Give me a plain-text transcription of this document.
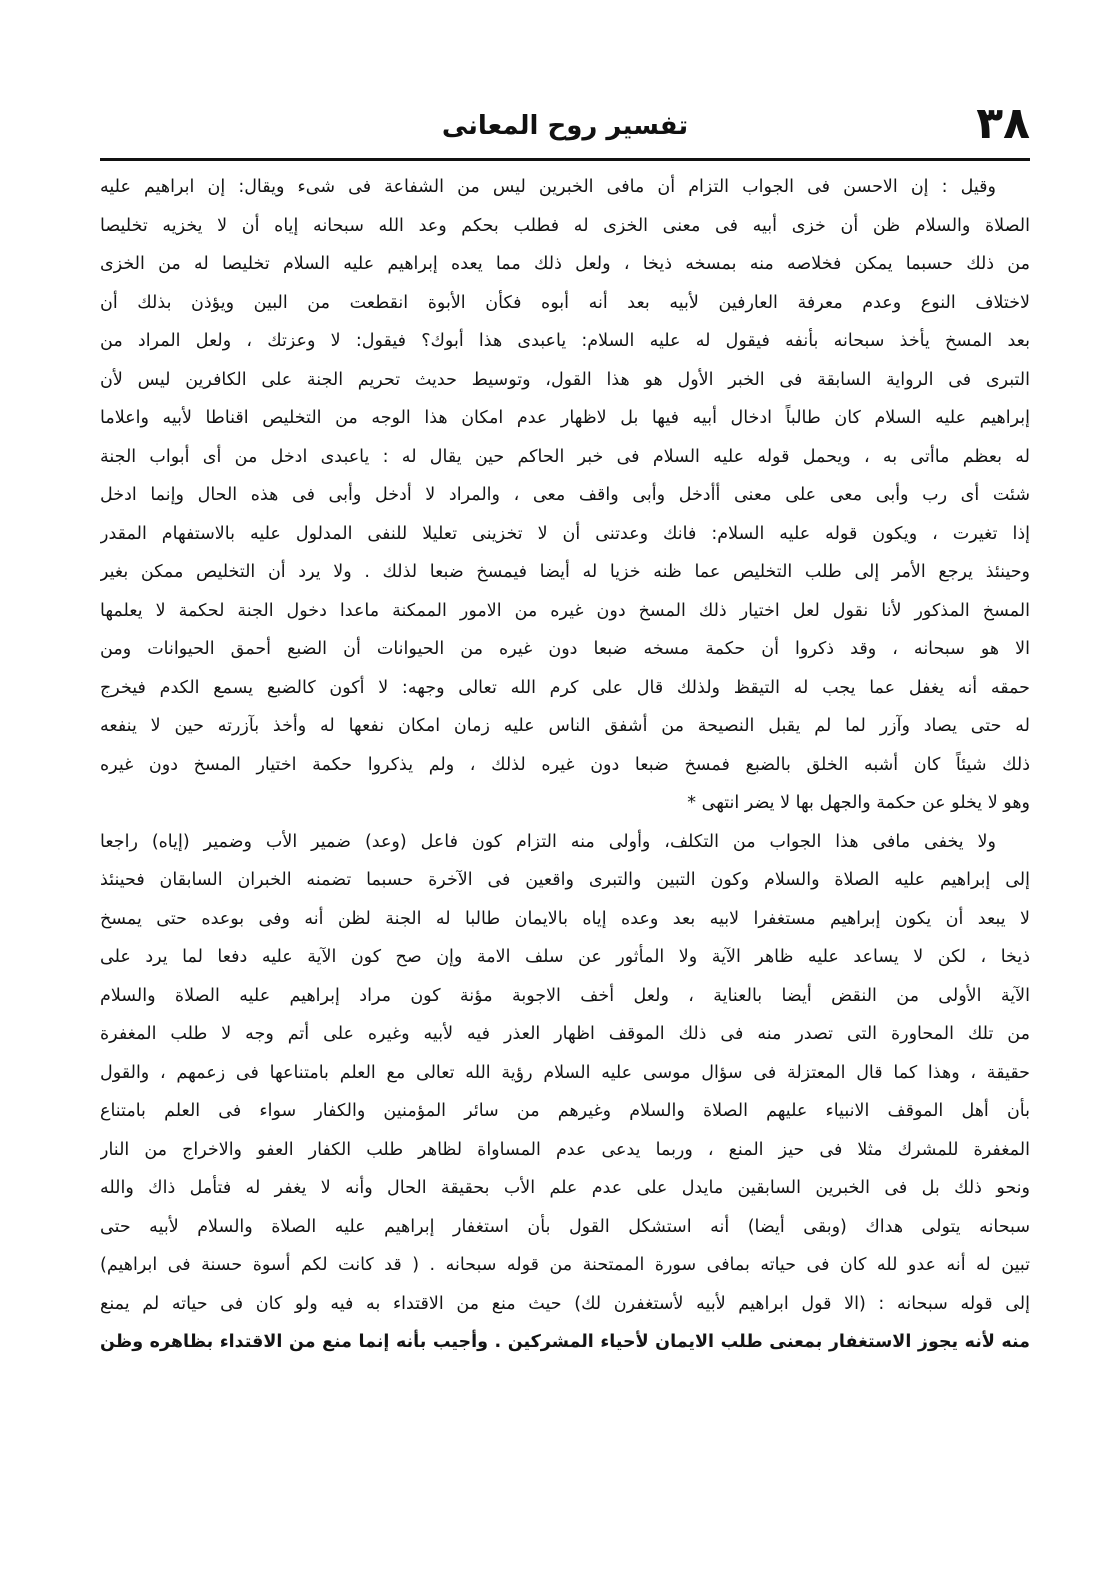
٣٨
تفسير روح المعانى
وقيل : إن الاحسن فى الجواب التزام أن مافى الخبرين ليس من الشفاعة فى شىء ويقال: إن ابراهيم عليه
الصلاة والسلام ظن أن خزى أبيه فى معنى الخزى له فطلب بحكم وعد الله سبحانه إياه أن لا يخزيه تخليصا
من ذلك حسبما يمكن فخلاصه منه بمسخه ذيخا ، ولعل ذلك مما يعده إبراهيم عليه السلام تخليصا له من الخزى
لاختلاف النوع وعدم معرفة العارفين لأبيه بعد أنه أبوه فكأن الأبوة انقطعت من البين ويؤذن بذلك أن
بعد المسخ يأخذ سبحانه بأنفه فيقول له عليه السلام: ياعبدى هذا أبوك؟ فيقول: لا وعزتك ، ولعل المراد من
التبرى فى الرواية السابقة فى الخبر الأول هو هذا القول، وتوسيط حديث تحريم الجنة على الكافرين ليس لأن
إبراهيم عليه السلام كان طالباً ادخال أبيه فيها بل لاظهار عدم امكان هذا الوجه من التخليص اقناطا لأبيه واعلاما
له بعظم ماأتى به ، ويحمل قوله عليه السلام فى خبر الحاكم حين يقال له : ياعبدى ادخل من أى أبواب الجنة
شئت أى رب وأبى معى على معنى أأدخل وأبى واقف معى ، والمراد لا أدخل وأبى فى هذه الحال وإنما ادخل
إذا تغيرت ، ويكون قوله عليه السلام: فانك وعدتنى أن لا تخزينى تعليلا للنفى المدلول عليه بالاستفهام المقدر
وحينئذ يرجع الأمر إلى طلب التخليص عما ظنه خزيا له أيضا فيمسخ ضبعا لذلك . ولا يرد أن التخليص ممكن بغير
المسخ المذكور لأنا نقول لعل اختيار ذلك المسخ دون غيره من الامور الممكنة ماعدا دخول الجنة لحكمة لا يعلمها
الا هو سبحانه ، وقد ذكروا أن حكمة مسخه ضبعا دون غيره من الحيوانات أن الضبع أحمق الحيوانات ومن
حمقه أنه يغفل عما يجب له التيقظ ولذلك قال على كرم الله تعالى وجهه: لا أكون كالضبع يسمع الكدم فيخرج
له حتى يصاد وآزر لما لم يقبل النصيحة من أشفق الناس عليه زمان امكان نفعها له وأخذ بآزرته حين لا ينفعه
ذلك شيئاً كان أشبه الخلق بالضبع فمسخ ضبعا دون غيره لذلك ، ولم يذكروا حكمة اختيار المسخ دون غيره
وهو لا يخلو عن حكمة والجهل بها لا يضر انتهى *
ولا يخفى مافى هذا الجواب من التكلف، وأولى منه التزام كون فاعل (وعد) ضمير الأب وضمير (إياه) راجعا
إلى إبراهيم عليه الصلاة والسلام وكون التبين والتبرى واقعين فى الآخرة حسبما تضمنه الخبران السابقان فحينئذ
لا يبعد أن يكون إبراهيم مستغفرا لابيه بعد وعده إياه بالايمان طالبا له الجنة لظن أنه وفى بوعده حتى يمسخ
ذيخا ، لكن لا يساعد عليه ظاهر الآية ولا المأثور عن سلف الامة وإن صح كون الآية عليه دفعا لما يرد على
الآية الأولى من النقض أيضا بالعناية ، ولعل أخف الاجوبة مؤنة كون مراد إبراهيم عليه الصلاة والسلام
من تلك المحاورة التى تصدر منه فى ذلك الموقف اظهار العذر فيه لأبيه وغيره على أتم وجه لا طلب المغفرة
حقيقة ، وهذا كما قال المعتزلة فى سؤال موسى عليه السلام رؤية الله تعالى مع العلم بامتناعها فى زعمهم ، والقول
بأن أهل الموقف الانبياء عليهم الصلاة والسلام وغيرهم من سائر المؤمنين والكفار سواء فى العلم بامتناع
المغفرة للمشرك مثلا فى حيز المنع ، وربما يدعى عدم المساواة لظاهر طلب الكفار العفو والاخراج من النار
ونحو ذلك بل فى الخبرين السابقين مايدل على عدم علم الأب بحقيقة الحال وأنه لا يغفر له فتأمل ذاك والله
سبحانه يتولى هداك (وبقى أيضا) أنه استشكل القول بأن استغفار إبراهيم عليه الصلاة والسلام لأبيه حتى
تبين له أنه عدو لله كان فى حياته بمافى سورة الممتحنة من قوله سبحانه . ( قد كانت لكم أسوة حسنة فى ابراهيم)
إلى قوله سبحانه : (الا قول ابراهيم لأبيه لأستغفرن لك) حيث منع من الاقتداء به فيه ولو كان فى حياته لم يمنع
منه لأنه يجوز الاستغفار بمعنى طلب الايمان لأحياء المشركين . وأجيب بأنه إنما منع من الاقتداء بظاهره وظن
